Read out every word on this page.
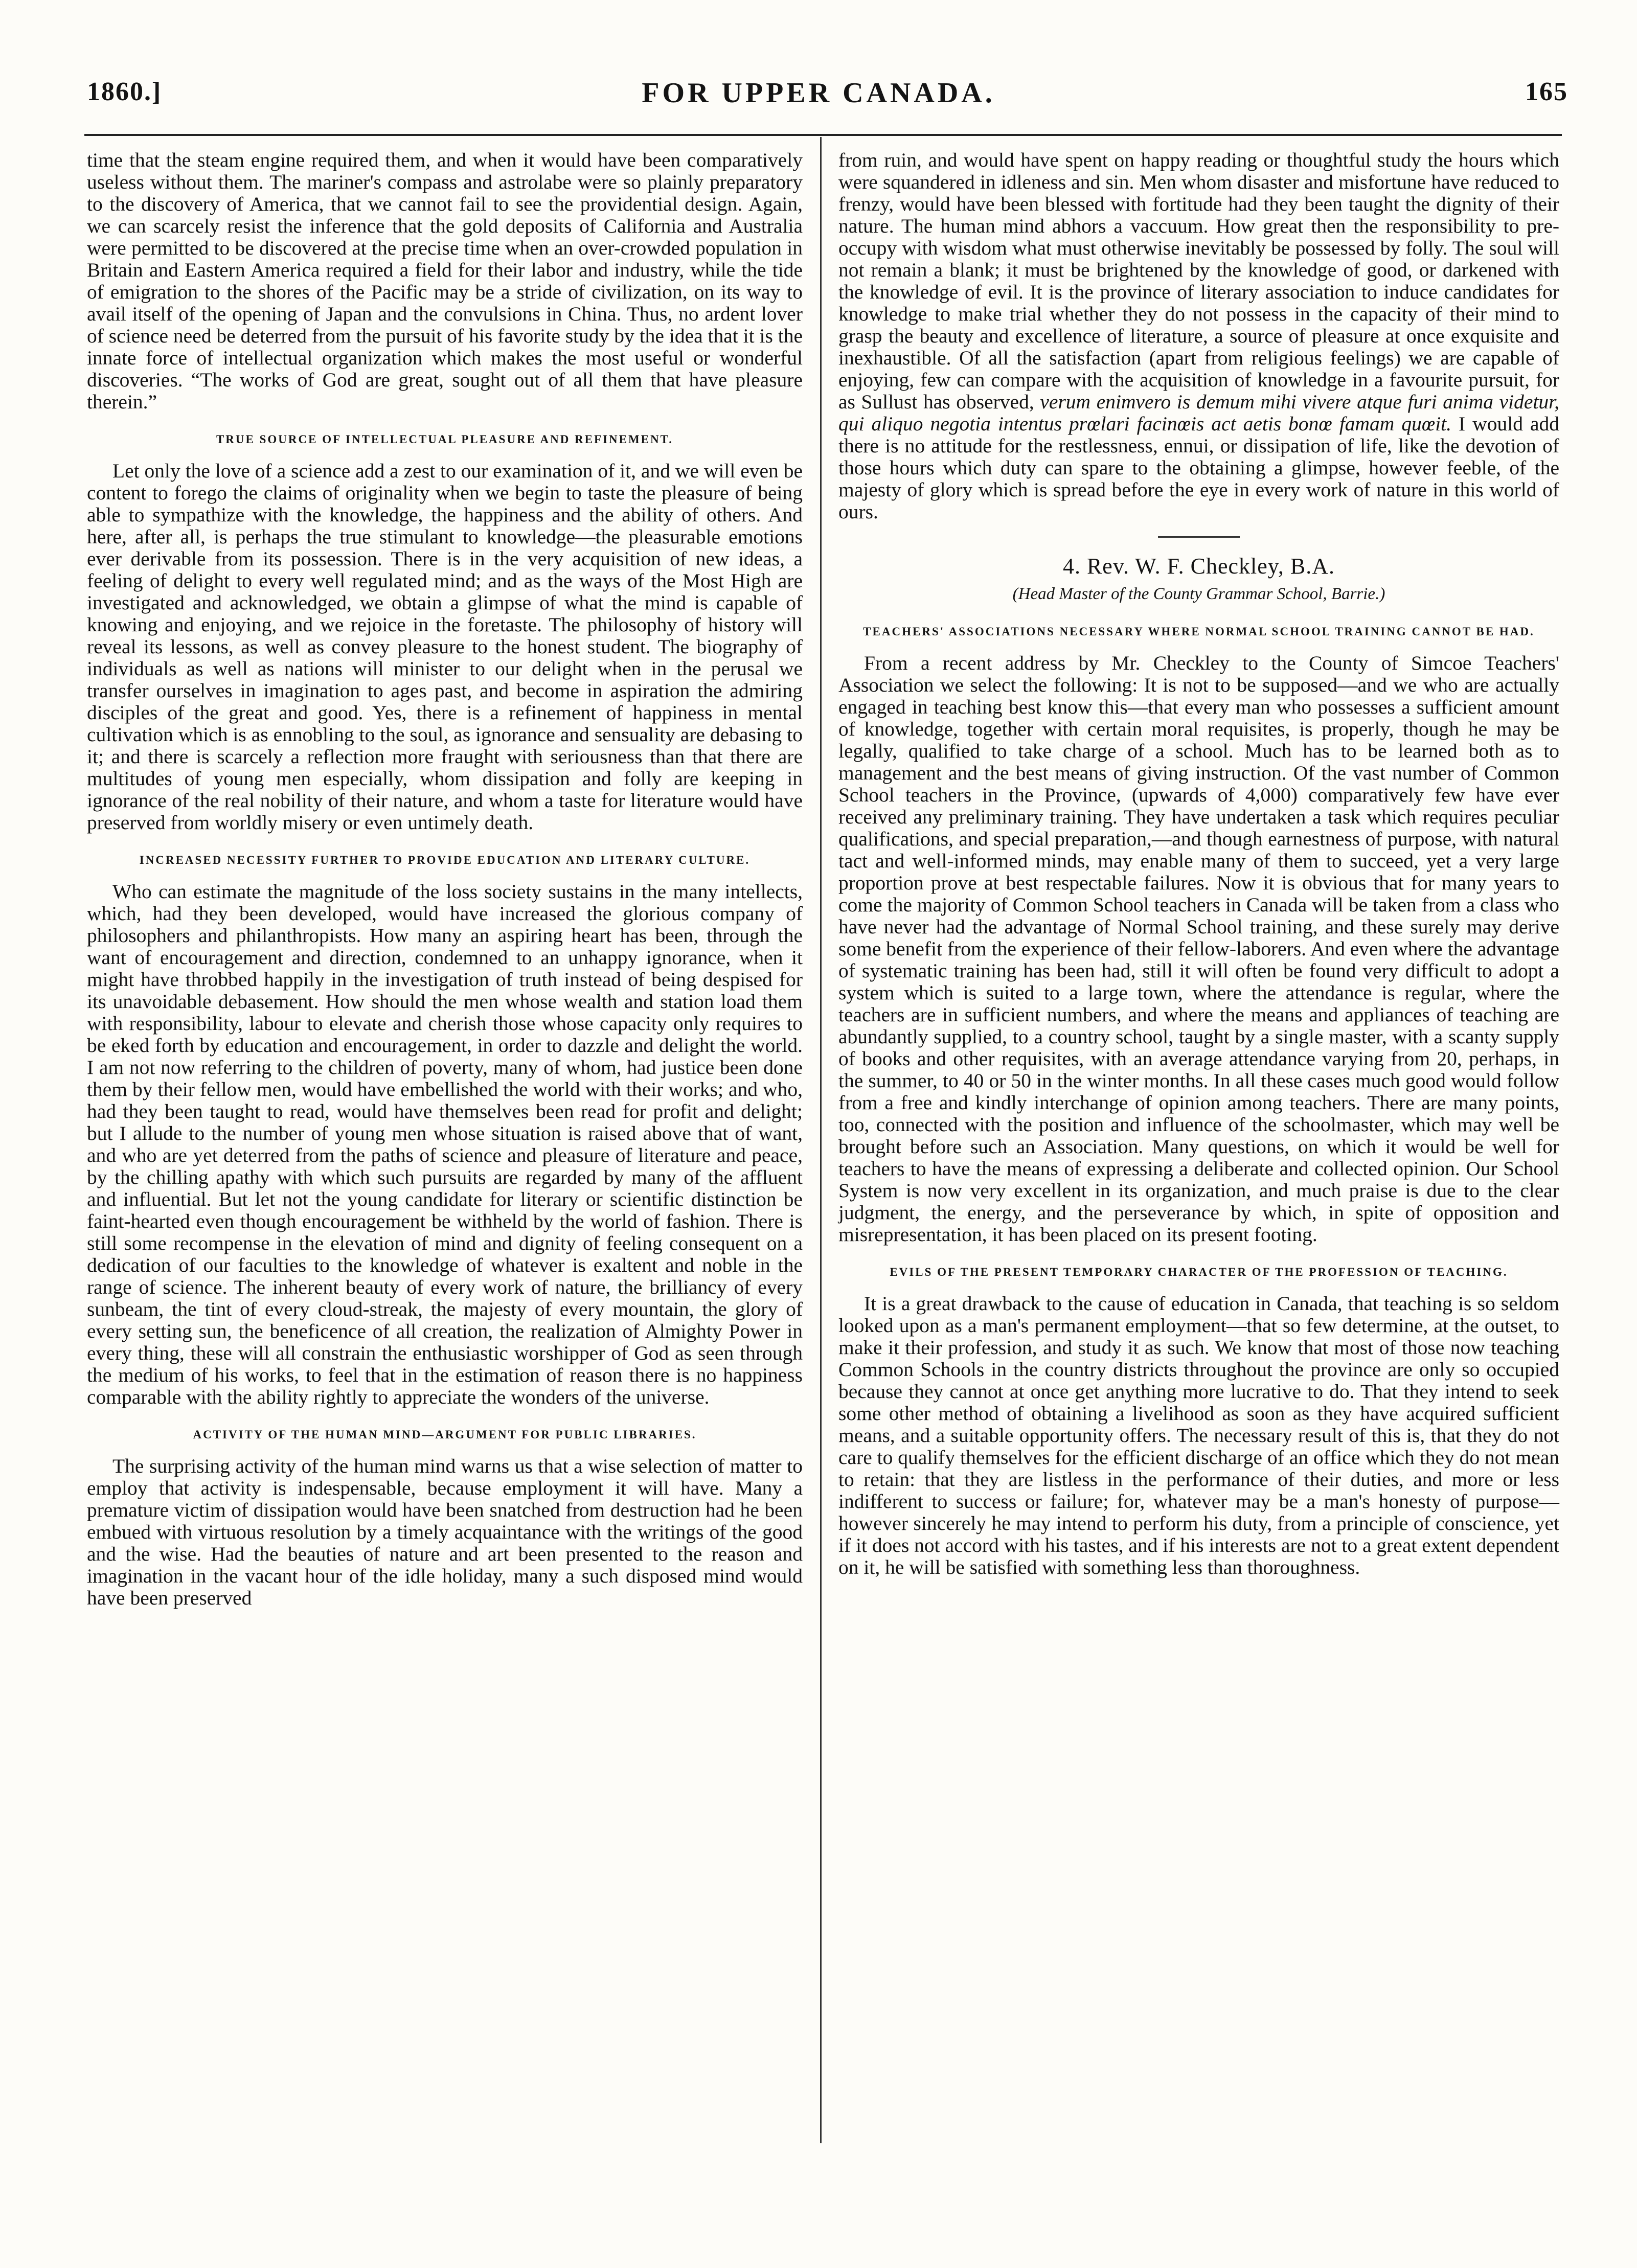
FOR UPPER CANADA.
1860.]	165

time that the steam engine required them, and when it would have been comparatively useless without them. The mariner's compass and astrolabe were so plainly preparatory to the discovery of America, that we cannot fail to see the providential design. Again, we can scarcely resist the inference that the gold deposits of California and Australia were permitted to be discovered at the precise time when an over-crowded population in Britain and Eastern America required a field for their labor and industry, while the tide of emigration to the shores of the Pacific may be a stride of civilization, on its way to avail itself of the opening of Japan and the convulsions in China. Thus, no ardent lover of science need be deterred from the pursuit of his favorite study by the idea that it is the innate force of intellectual organization which makes the most useful or wonderful discoveries. “The works of God are great, sought out of all them that have pleasure therein.”

TRUE SOURCE OF INTELLECTUAL PLEASURE AND REFINEMENT.

Let only the love of a science add a zest to our examination of it, and we will even be content to forego the claims of originality when we begin to taste the pleasure of being able to sympathize with the knowledge, the happiness and the ability of others. And here, after all, is perhaps the true stimulant to knowledge—the pleasurable emotions ever derivable from its possession. There is in the very acquisition of new ideas, a feeling of delight to every well regulated mind; and as the ways of the Most High are investigated and acknowledged, we obtain a glimpse of what the mind is capable of knowing and enjoying, and we rejoice in the foretaste. The philosophy of history will reveal its lessons, as well as convey pleasure to the honest student. The biography of individuals as well as nations will minister to our delight when in the perusal we transfer ourselves in imagination to ages past, and become in aspiration the admiring disciples of the great and good. Yes, there is a refinement of happiness in mental cultivation which is as ennobling to the soul, as ignorance and sensuality are debasing to it; and there is scarcely a reflection more fraught with seriousness than that there are multitudes of young men especially, whom dissipation and folly are keeping in ignorance of the real nobility of their nature, and whom a taste for literature would have preserved from worldly misery or even untimely death.

INCREASED NECESSITY FURTHER TO PROVIDE EDUCATION AND LITERARY CULTURE.

Who can estimate the magnitude of the loss society sustains in the many intellects, which, had they been developed, would have increased the glorious company of philosophers and philanthropists. How many an aspiring heart has been, through the want of encouragement and direction, condemned to an unhappy ignorance, when it might have throbbed happily in the investigation of truth instead of being despised for its unavoidable debasement. How should the men whose wealth and station load them with responsibility, labour to elevate and cherish those whose capacity only requires to be eked forth by education and encouragement, in order to dazzle and delight the world. I am not now referring to the children of poverty, many of whom, had justice been done them by their fellow men, would have embellished the world with their works; and who, had they been taught to read, would have themselves been read for profit and delight; but I allude to the number of young men whose situation is raised above that of want, and who are yet deterred from the paths of science and pleasure of literature and peace, by the chilling apathy with which such pursuits are regarded by many of the affluent and influential. But let not the young candidate for literary or scientific distinction be faint-hearted even though encouragement be withheld by the world of fashion. There is still some recompense in the elevation of mind and dignity of feeling consequent on a dedication of our faculties to the knowledge of whatever is exaltent and noble in the range of science. The inherent beauty of every work of nature, the brilliancy of every sunbeam, the tint of every cloud-streak, the majesty of every mountain, the glory of every setting sun, the beneficence of all creation, the realization of Almighty Power in every thing, these will all constrain the enthusiastic worshipper of God as seen through the medium of his works, to feel that in the estimation of reason there is no happiness comparable with the ability rightly to appreciate the wonders of the universe.

ACTIVITY OF THE HUMAN MIND—ARGUMENT FOR PUBLIC LIBRARIES.

The surprising activity of the human mind warns us that a wise selection of matter to employ that activity is indespensable, because employment it will have. Many a premature victim of dissipation would have been snatched from destruction had he been embued with virtuous resolution by a timely acquaintance with the writings of the good and the wise. Had the beauties of nature and art been presented to the reason and imagination in the vacant hour of the idle holiday, many a such disposed mind would have been preserved

from ruin, and would have spent on happy reading or thoughtful study the hours which were squandered in idleness and sin. Men whom disaster and misfortune have reduced to frenzy, would have been blessed with fortitude had they been taught the dignity of their nature. The human mind abhors a vaccuum. How great then the responsibility to pre-occupy with wisdom what must otherwise inevitably be possessed by folly. The soul will not remain a blank; it must be brightened by the knowledge of good, or darkened with the knowledge of evil. It is the province of literary association to induce candidates for knowledge to make trial whether they do not possess in the capacity of their mind to grasp the beauty and excellence of literature, a source of pleasure at once exquisite and inexhaustible. Of all the satisfaction (apart from religious feelings) we are capable of enjoying, few can compare with the acquisition of knowledge in a favourite pursuit, for as Sullust has observed, verum enimvero is demum mihi vivere atque furi anima videtur, qui aliquo negotia intentus prœlari facinœis act aetis bonœ famam quœit. I would add there is no attitude for the restlessness, ennui, or dissipation of life, like the devotion of those hours which duty can spare to the obtaining a glimpse, however feeble, of the majesty of glory which is spread before the eye in every work of nature in this world of ours.

4. Rev. W. F. Checkley, B.A.
(Head Master of the County Grammar School, Barrie.)
TEACHERS' ASSOCIATIONS NECESSARY WHERE NORMAL SCHOOL TRAINING CANNOT BE HAD.

From a recent address by Mr. Checkley to the County of Simcoe Teachers' Association we select the following: It is not to be supposed—and we who are actually engaged in teaching best know this—that every man who possesses a sufficient amount of knowledge, together with certain moral requisites, is properly, though he may be legally, qualified to take charge of a school. Much has to be learned both as to management and the best means of giving instruction. Of the vast number of Common School teachers in the Province, (upwards of 4,000) comparatively few have ever received any preliminary training. They have undertaken a task which requires peculiar qualifications, and special preparation,—and though earnestness of purpose, with natural tact and well-informed minds, may enable many of them to succeed, yet a very large proportion prove at best respectable failures. Now it is obvious that for many years to come the majority of Common School teachers in Canada will be taken from a class who have never had the advantage of Normal School training, and these surely may derive some benefit from the experience of their fellow-laborers. And even where the advantage of systematic training has been had, still it will often be found very difficult to adopt a system which is suited to a large town, where the attendance is regular, where the teachers are in sufficient numbers, and where the means and appliances of teaching are abundantly supplied, to a country school, taught by a single master, with a scanty supply of books and other requisites, with an average attendance varying from 20, perhaps, in the summer, to 40 or 50 in the winter months. In all these cases much good would follow from a free and kindly interchange of opinion among teachers. There are many points, too, connected with the position and influence of the schoolmaster, which may well be brought before such an Association. Many questions, on which it would be well for teachers to have the means of expressing a deliberate and collected opinion. Our School System is now very excellent in its organization, and much praise is due to the clear judgment, the energy, and the perseverance by which, in spite of opposition and misrepresentation, it has been placed on its present footing.

EVILS OF THE PRESENT TEMPORARY CHARACTER OF THE PROFESSION OF TEACHING.

It is a great drawback to the cause of education in Canada, that teaching is so seldom looked upon as a man's permanent employment—that so few determine, at the outset, to make it their profession, and study it as such. We know that most of those now teaching Common Schools in the country districts throughout the province are only so occupied because they cannot at once get anything more lucrative to do. That they intend to seek some other method of obtaining a livelihood as soon as they have acquired sufficient means, and a suitable opportunity offers. The necessary result of this is, that they do not care to qualify themselves for the efficient discharge of an office which they do not mean to retain: that they are listless in the performance of their duties, and more or less indifferent to success or failure; for, whatever may be a man's honesty of purpose—however sincerely he may intend to perform his duty, from a principle of conscience, yet if it does not accord with his tastes, and if his interests are not to a great extent dependent on it, he will be satisfied with something less than thoroughness.
